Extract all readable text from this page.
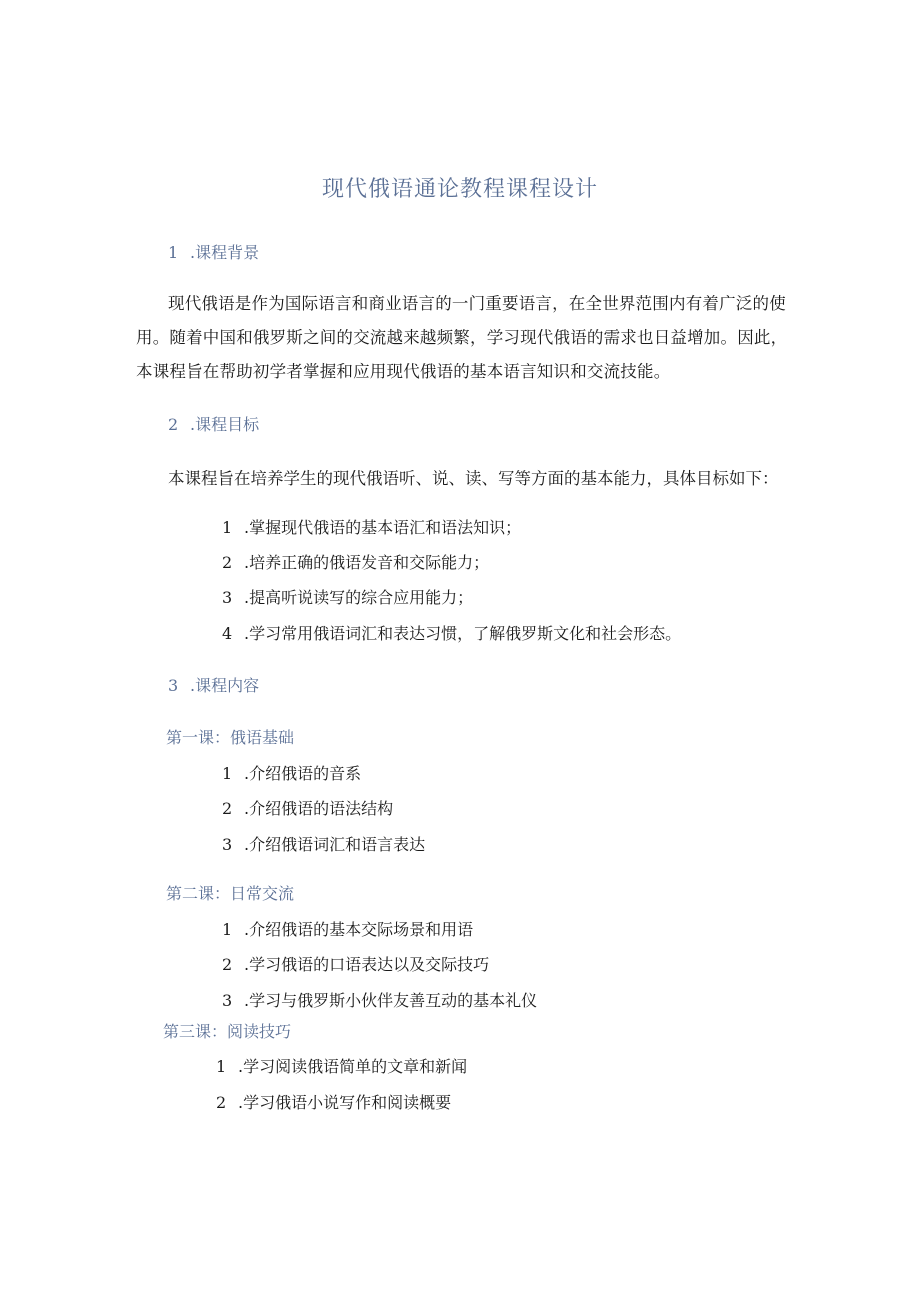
现代俄语通论教程课程设计
1 .课程背景
现代俄语是作为国际语言和商业语言的一门重要语言，在全世界范围内有着广泛的使
用。随着中国和俄罗斯之间的交流越来越频繁，学习现代俄语的需求也日益增加。因此，
本课程旨在帮助初学者掌握和应用现代俄语的基本语言知识和交流技能。
2 .课程目标
本课程旨在培养学生的现代俄语听、说、读、写等方面的基本能力，具体目标如下：
1 .掌握现代俄语的基本语汇和语法知识；
2 .培养正确的俄语发音和交际能力；
3 .提高听说读写的综合应用能力；
4 .学习常用俄语词汇和表达习惯，了解俄罗斯文化和社会形态。
3 .课程内容
第一课：俄语基础
1 .介绍俄语的音系
2 .介绍俄语的语法结构
3 .介绍俄语词汇和语言表达
第二课：日常交流
1 .介绍俄语的基本交际场景和用语
2 .学习俄语的口语表达以及交际技巧
3 .学习与俄罗斯小伙伴友善互动的基本礼仪
第三课：阅读技巧
1 .学习阅读俄语简单的文章和新闻
2 .学习俄语小说写作和阅读概要
